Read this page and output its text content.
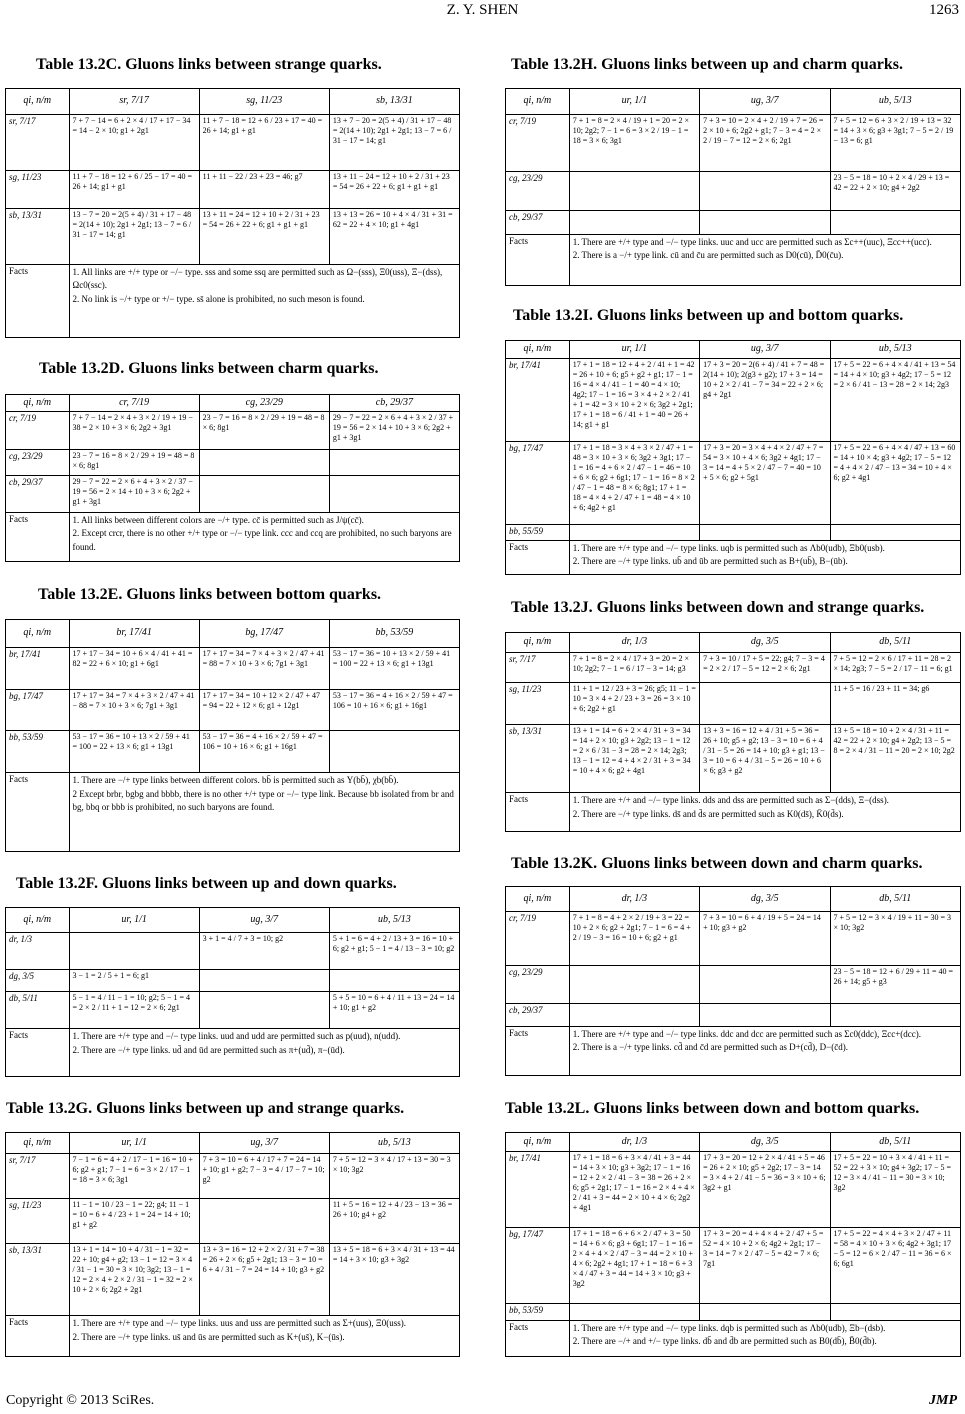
Z. Y. SHEN	1263
Table 13.2C. Gluons links between strange quarks.
qi, n/m	sr, 7/17	sg, 11/23	sb, 13/31
sr, 7/17	7 + 7 − 14 = 6 + 2 × 4 / 17 + 17 − 34 = 14 − 2 × 10; g1 + 2g1	11 + 7 − 18 = 12 + 6 / 23 + 17 = 40 = 26 + 14; g1 + g1	13 + 7 − 20 = 2(5 + 4) / 31 + 17 − 48 = 2(14 + 10); 2g1 + 2g1; 13 − 7 = 6 / 31 − 17 = 14; g1
sg, 11/23	11 + 7 − 18 = 12 + 6 / 25 − 17 = 40 = 26 + 14; g1 + g1	11 + 11 − 22 / 23 + 23 = 46; g7	13 + 11 − 24 = 12 + 10 + 2 / 31 + 23 = 54 = 26 + 22 + 6; g1 + g1 + g1
sb, 13/31	13 − 7 = 20 = 2(5 + 4) / 31 + 17 − 48 = 2(14 + 10); 2g1 + 2g1; 13 − 7 = 6 / 31 − 17 = 14; g1	13 + 11 = 24 = 12 + 10 + 2 / 31 + 23 = 54 = 26 + 22 + 6; g1 + g1 + g1	13 + 13 = 26 = 10 + 4 × 4 / 31 + 31 = 62 = 22 + 4 × 10; g1 + 4g1
Facts	1. All links are +/+ type or −/− type. sss and some ssq are permitted such as Ω−(sss), Ξ0(uss), Ξ−(dss), Ωc0(ssc).
2. No link is −/+ type or +/− type. ss̄ alone is prohibited, no such meson is found.		
Table 13.2D. Gluons links between charm quarks.
qi, n/m	cr, 7/19	cg, 23/29	cb, 29/37
cr, 7/19	7 + 7 − 14 = 2 × 4 + 3 × 2 / 19 + 19 − 38 = 2 × 10 + 3 × 6; 2g2 + 3g1	23 − 7 = 16 = 8 × 2 / 29 + 19 = 48 = 8 × 6; 8g1	29 − 7 = 22 = 2 × 6 + 4 + 3 × 2 / 37 + 19 = 56 = 2 × 14 + 10 + 3 × 6; 2g2 + g1 + 3g1
cg, 23/29	23 − 7 = 16 = 8 × 2 / 29 + 19 = 48 = 8 × 6; 8g1		
cb, 29/37	29 − 7 = 22 = 2 × 6 + 4 + 3 × 2 / 37 − 19 = 56 = 2 × 14 + 10 + 3 × 6; 2g2 + g1 + 3g1		
Facts	1. All links between different colors are −/+ type. cc̄ is permitted such as J/ψ(cc̄).
2. Except crcr, there is no other +/+ type or −/− type link. ccc and ccq are prohibited, no such baryons are found.		
Table 13.2E. Gluons links between bottom quarks.
qi, n/m	br, 17/41	bg, 17/47	bb, 53/59
br, 17/41	17 + 17 − 34 = 10 + 6 × 4 / 41 + 41 = 82 = 22 + 6 × 10; g1 + 6g1	17 + 17 = 34 = 7 × 4 + 3 × 2 / 47 + 41 = 88 = 7 × 10 + 3 × 6; 7g1 + 3g1	53 − 17 = 36 = 10 + 13 × 2 / 59 + 41 = 100 = 22 + 13 × 6; g1 + 13g1
bg, 17/47	17 + 17 = 34 = 7 × 4 + 3 × 2 / 47 + 41 − 88 = 7 × 10 + 3 × 6; 7g1 + 3g1	17 + 17 = 34 = 10 + 12 × 2 / 47 + 47 = 94 = 22 + 12 × 6; g1 + 12g1	53 − 17 = 36 = 4 + 16 × 2 / 59 + 47 = 106 = 10 + 16 × 6; g1 + 16g1
bb, 53/59	53 − 17 = 36 = 10 + 13 × 2 / 59 + 41 = 100 = 22 + 13 × 6; g1 + 13g1	53 − 17 = 36 = 4 + 16 × 2 / 59 + 47 = 106 = 10 + 16 × 6; g1 + 16g1	
Facts	1. There are −/+ type links between different colors. bb̄ is permitted such as Υ(bb̄), χb(bb̄).
2 Except brbr, bgbg and bbbb, there is no other +/+ type or −/− type link. Because bb isolated from br and bg, bbq or bbb is prohibited, no such baryons are found.		
Table 13.2F. Gluons links between up and down quarks.
qi, n/m	ur, 1/1	ug, 3/7	ub, 5/13
dr, 1/3		3 + 1 = 4 / 7 + 3 = 10; g2	5 + 1 = 6 = 4 + 2 / 13 + 3 = 16 = 10 + 6; g2 + g1; 5 − 1 = 4 / 13 − 3 = 10; g2
dg, 3/5	3 − 1 = 2 / 5 + 1 = 6; g1		
db, 5/11	5 − 1 = 4 / 11 − 1 = 10; g2; 5 − 1 = 4 = 2 × 2 / 11 + 1 = 12 = 2 × 6; 2g1		5 + 5 = 10 = 6 + 4 / 11 + 13 = 24 = 14 + 10; g1 + g2
Facts	1. There are +/+ type and −/− type links. uud and udd are permitted such as p(uud), n(udd).
2. There are −/+ type links. ud̄ and ūd are permitted such as π+(ud̄), π−(ūd).		
Table 13.2G. Gluons links between up and strange quarks.
qi, n/m	ur, 1/1	ug, 3/7	ub, 5/13
sr, 7/17	7 − 1 = 6 = 4 + 2 / 17 − 1 = 16 = 10 + 6; g2 + g1; 7 − 1 = 6 = 3 × 2 / 17 − 1 = 18 = 3 × 6; 3g1	7 + 3 = 10 = 6 + 4 / 17 + 7 = 24 = 14 + 10; g1 + g2; 7 − 3 = 4 / 17 − 7 = 10; g2	7 + 5 = 12 = 3 × 4 / 17 + 13 = 30 = 3 × 10; 3g2
sg, 11/23	11 − 1 = 10 / 23 − 1 = 22; g4; 11 − 1 = 10 = 6 + 4 / 23 + 1 = 24 = 14 + 10; g1 + g2		11 + 5 = 16 = 12 + 4 / 23 − 13 = 36 = 26 + 10; g4 + g2
sb, 13/31	13 + 1 = 14 = 10 + 4 / 31 − 1 = 32 = 22 + 10; g4 + g2; 13 − 1 = 12 = 3 × 4 / 31 − 1 = 30 = 3 × 10; 3g2; 13 − 1 = 12 = 2 × 4 + 2 × 2 / 31 − 1 = 32 = 2 × 10 + 2 × 6; 2g2 + 2g1	13 + 3 = 16 = 12 + 2 × 2 / 31 + 7 = 38 = 26 + 2 × 6; g5 + 2g1; 13 − 3 = 10 = 6 + 4 / 31 − 7 = 24 = 14 + 10; g3 + g2	13 + 5 = 18 = 6 + 3 × 4 / 31 + 13 = 44 = 14 + 3 × 10; g3 + 3g2
Facts	1. There are +/+ type and −/− type links. uus and uss are permitted such as Σ+(uus), Ξ0(uss).
2. There are −/+ type links. us̄ and ūs are permitted such as K+(us̄), K−(ūs).		
Table 13.2H. Gluons links between up and charm quarks.
qi, n/m	ur, 1/1	ug, 3/7	ub, 5/13
cr, 7/19	7 + 1 = 8 = 2 × 4 / 19 + 1 = 20 = 2 × 10; 2g2; 7 − 1 = 6 = 3 × 2 / 19 − 1 = 18 = 3 × 6; 3g1	7 + 3 = 10 = 2 × 4 + 2 / 19 + 7 = 26 = 2 × 10 + 6; 2g2 + g1; 7 − 3 = 4 = 2 × 2 / 19 − 7 = 12 = 2 × 6; 2g1	7 + 5 = 12 = 6 + 3 × 2 / 19 + 13 = 32 = 14 + 3 × 6; g3 + 3g1; 7 − 5 = 2 / 19 − 13 = 6; g1
cg, 23/29			23 − 5 = 18 = 10 + 2 × 4 / 29 + 13 = 42 = 22 + 2 × 10; g4 + 2g2
cb, 29/37			
Facts	1. There are +/+ type and −/− type links. uuc and ucc are permitted such as Σc++(uuc), Ξcc++(ucc).
2. There is a −/+ type link. cū and c̄u are permitted such as D0(cū), D̄0(c̄u).		
Table 13.2I. Gluons links between up and bottom quarks.
qi, n/m	ur, 1/1	ug, 3/7	ub, 5/13
br, 17/41	17 + 1 = 18 = 12 + 4 + 2 / 41 + 1 = 42 = 26 + 10 + 6; g5 + g2 + g1; 17 − 1 = 16 = 4 × 4 / 41 − 1 = 40 = 4 × 10; 4g2; 17 − 1 = 16 = 3 × 4 + 2 × 2 / 41 + 1 = 42 = 3 × 10 + 2 × 6; 3g2 + 2g1; 17 + 1 = 18 = 6 / 41 + 1 = 40 = 26 + 14; g1 + g1	17 + 3 = 20 = 2(6 + 4) / 41 + 7 = 48 = 2(14 + 10); 2(g3 + g2); 17 + 3 = 14 = 10 + 2 × 2 / 41 − 7 = 34 = 22 + 2 × 6; g4 + 2g1	17 + 5 = 22 = 6 + 4 × 4 / 41 + 13 = 54 = 14 + 4 × 10; g3 + 4g2; 17 − 5 = 12 = 2 × 6 / 41 − 13 = 28 = 2 × 14; 2g3
bg, 17/47	17 + 1 = 18 = 3 × 4 + 3 × 2 / 47 + 1 = 48 = 3 × 10 + 3 × 6; 3g2 + 3g1; 17 − 1 = 16 = 4 + 6 × 2 / 47 − 1 = 46 = 10 + 6 × 6; g2 + 6g1; 17 − 1 = 16 = 8 × 2 / 47 − 1 = 48 = 8 × 6; 8g1; 17 + 1 = 18 = 4 × 4 + 2 / 47 + 1 = 48 = 4 × 10 + 6; 4g2 + g1	17 + 3 = 20 = 3 × 4 + 4 × 2 / 47 + 7 = 54 = 3 × 10 + 4 × 6; 3g2 + 4g1; 17 − 3 = 14 = 4 + 5 × 2 / 47 − 7 = 40 = 10 + 5 × 6; g2 + 5g1	17 + 5 = 22 = 6 + 4 × 4 / 47 + 13 = 60 = 14 + 10 × 4; g3 + 4g2; 17 − 5 = 12 = 4 + 4 × 2 / 47 − 13 = 34 = 10 + 4 × 6; g2 + 4g1
bb, 55/59			
Facts	1. There are +/+ type and −/− type links. uqb is permitted such as Λb0(udb), Ξb0(usb).
2. There are −/+ type links. ub̄ and ūb are permitted such as B+(ub̄), B−(ūb).		
Table 13.2J. Gluons links between down and strange quarks.
qi, n/m	dr, 1/3	dg, 3/5	db, 5/11
sr, 7/17	7 + 1 = 8 = 2 × 4 / 17 + 3 = 20 = 2 × 10; 2g2; 7 − 1 = 6 / 17 − 3 = 14; g3	7 + 3 = 10 / 17 + 5 = 22; g4; 7 − 3 = 4 = 2 × 2 / 17 − 5 = 12 = 2 × 6; 2g1	7 + 5 = 12 = 2 × 6 / 17 + 11 = 28 = 2 × 14; 2g3; 7 − 5 = 2 / 17 − 11 = 6; g1
sg, 11/23	11 + 1 = 12 / 23 + 3 = 26; g5; 11 − 1 = 10 = 3 × 4 + 2 / 23 + 3 = 26 = 3 × 10 + 6; 2g2 + g1		11 + 5 = 16 / 23 + 11 = 34; g6
sb, 13/31	13 + 1 = 14 = 6 + 2 × 4 / 31 + 3 = 34 = 14 + 2 × 10; g3 + 2g2; 13 − 1 = 12 = 2 × 6 / 31 − 3 = 28 = 2 × 14; 2g3; 13 − 1 = 12 = 4 + 4 × 2 / 31 + 3 = 34 = 10 + 4 × 6; g2 + 4g1	13 + 3 = 16 = 12 + 4 / 31 + 5 = 36 = 26 + 10; g5 + g2; 13 − 3 = 10 = 6 + 4 / 31 − 5 = 26 = 14 + 10; g3 + g1; 13 − 3 = 10 = 6 + 4 / 31 − 5 = 26 = 10 + 6 × 6; g3 + g2	13 + 5 = 18 = 10 + 2 × 4 / 31 + 11 = 42 = 22 + 2 × 10; g4 + 2g2; 13 − 5 = 8 = 2 × 4 / 31 − 11 = 20 = 2 × 10; 2g2
Facts	1. There are +/+ and −/− type links. dds and dss are permitted such as Σ−(dds), Ξ−(dss).
2. There are −/+ type links. ds̄ and d̄s are permitted such as K0(ds̄), K̄0(d̄s).		
Table 13.2K. Gluons links between down and charm quarks.
qi, n/m	dr, 1/3	dg, 3/5	db, 5/11
cr, 7/19	7 + 1 = 8 = 4 + 2 × 2 / 19 + 3 = 22 = 10 + 2 × 6; g2 + 2g1; 7 − 1 = 6 = 4 + 2 / 19 − 3 = 16 = 10 + 6; g2 + g1	7 + 3 = 10 = 6 + 4 / 19 + 5 = 24 = 14 + 10; g3 + g2	7 + 5 = 12 = 3 × 4 / 19 + 11 = 30 = 3 × 10; 3g2
cg, 23/29			23 − 5 = 18 = 12 + 6 / 29 + 11 = 40 = 26 + 14; g5 + g3
cb, 29/37			
Facts	1. There are +/+ type and −/− type links. ddc and dcc are permitted such as Σc0(ddc), Ξcc+(dcc).
2. There is a −/+ type links. cd̄ and c̄d are permitted such as D+(cd̄), D−(c̄d).		
Table 13.2L. Gluons links between down and bottom quarks.
qi, n/m	dr, 1/3	dg, 3/5	db, 5/11
br, 17/41	17 + 1 = 18 = 6 + 3 × 4 / 41 + 3 = 44 = 14 + 3 × 10; g3 + 3g2; 17 − 1 = 16 = 12 + 2 × 2 / 41 − 3 = 38 = 26 + 2 × 6; g5 + 2g1; 17 − 1 = 16 = 2 × 4 + 4 × 2 / 41 + 3 = 44 = 2 × 10 + 4 × 6; 2g2 + 4g1	17 + 3 = 20 = 12 + 2 × 4 / 41 + 5 = 46 = 26 + 2 × 10; g5 + 2g2; 17 − 3 = 14 = 3 × 4 + 2 / 41 − 5 = 36 = 3 × 10 + 6; 3g2 + g1	17 + 5 = 22 = 10 + 3 × 4 / 41 + 11 = 52 = 22 + 3 × 10; g4 + 3g2; 17 − 5 = 12 = 3 × 4 / 41 − 11 = 30 = 3 × 10; 3g2
bg, 17/47	17 + 1 = 18 = 6 + 6 × 2 / 47 + 3 = 50 = 14 + 6 × 6; g3 + 6g1; 17 − 1 = 16 = 2 × 4 + 4 × 2 / 47 − 3 = 44 = 2 × 10 + 4 × 6; 2g2 + 4g1; 17 + 1 = 18 = 6 + 3 × 4 / 47 + 3 = 44 = 14 + 3 × 10; g3 + 3g2	17 + 3 = 20 = 4 + 4 × 4 + 2 / 47 + 5 = 52 = 4 × 10 + 2 × 6; 4g2 + 2g1; 17 − 3 = 14 = 7 × 2 / 47 − 5 = 42 = 7 × 6; 7g1	17 + 5 = 22 = 4 × 4 + 3 × 2 / 47 + 11 = 58 = 4 × 10 + 3 × 6; 4g2 + 3g1; 17 − 5 = 12 = 6 × 2 / 47 − 11 = 36 = 6 × 6; 6g1
bb, 53/59			
Facts	1. There are +/+ type and −/− type links. dqb is permitted such as Λb0(udb), Ξb−(dsb).
2. There are −/+ and +/− type links. db̄ and d̄b are permitted such as B0(db̄), B̄0(d̄b).		
Copyright © 2013 SciRes.	JMP
